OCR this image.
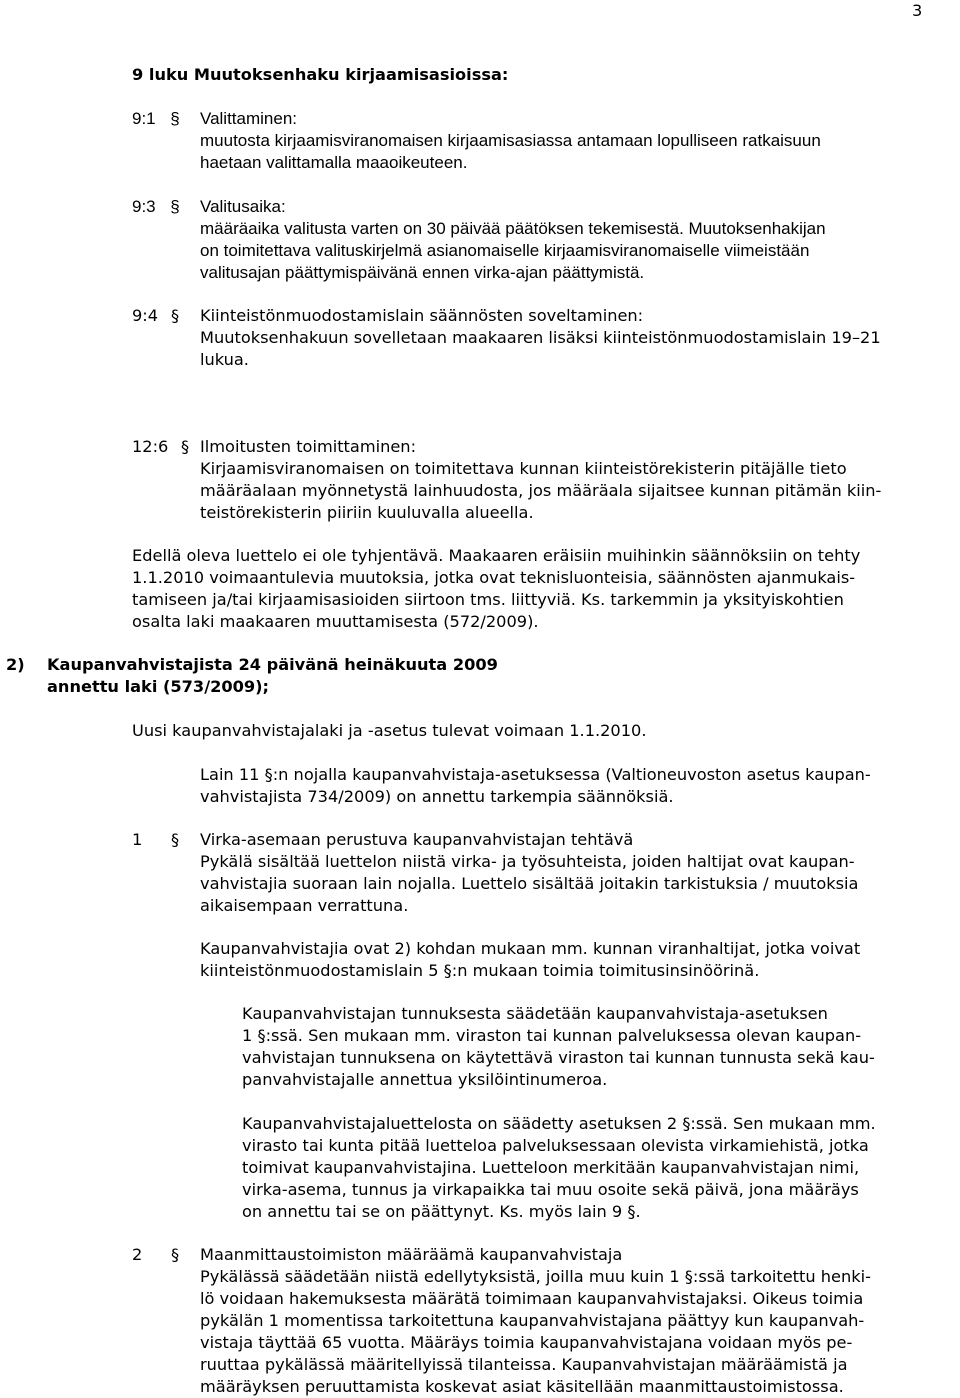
3
9 luku Muutoksenhaku kirjaamisasioissa:
9:1 § Valittaminen:
muutosta kirjaamisviranomaisen kirjaamisasiassa antamaan lopulliseen ratkaisuun
haetaan valittamalla maaoikeuteen.
9:3 § Valitusaika:
määräaika valitusta varten on 30 päivää päätöksen tekemisestä. Muutoksenhakijan
on toimitettava valituskirjelmä asianomaiselle kirjaamisviranomaiselle viimeistään
valitusajan päättymispäivänä ennen virka-ajan päättymistä.
9:4 § Kiinteistönmuodostamislain säännösten soveltaminen:
Muutoksenhakuun sovelletaan maakaaren lisäksi kiinteistönmuodostamislain 19–21
lukua.
12:6 § Ilmoitusten toimittaminen:
Kirjaamisviranomaisen on toimitettava kunnan kiinteistörekisterin pitäjälle tieto
määräalaan myönnetystä lainhuudosta, jos määräala sijaitsee kunnan pitämän kiin-
teistörekisterin piiriin kuuluvalla alueella.
Edellä oleva luettelo ei ole tyhjentävä. Maakaaren eräisiin muihinkin säännöksiin on tehty
1.1.2010 voimaantulevia muutoksia, jotka ovat teknisluonteisia, säännösten ajanmukais-
tamiseen ja/tai kirjaamisasioiden siirtoon tms. liittyviä. Ks. tarkemmin ja yksityiskohtien
osalta laki maakaaren muuttamisesta (572/2009).
2) Kaupanvahvistajista 24 päivänä heinäkuuta 2009
annettu laki (573/2009);
Uusi kaupanvahvistajalaki ja -asetus tulevat voimaan 1.1.2010.
Lain 11 §:n nojalla kaupanvahvistaja-asetuksessa (Valtioneuvoston asetus kaupan-
vahvistajista 734/2009) on annettu tarkempia säännöksiä.
1 § Virka-asemaan perustuva kaupanvahvistajan tehtävä
Pykälä sisältää luettelon niistä virka- ja työsuhteista, joiden haltijat ovat kaupan-
vahvistajia suoraan lain nojalla. Luettelo sisältää joitakin tarkistuksia / muutoksia
aikaisempaan verrattuna.
Kaupanvahvistajia ovat 2) kohdan mukaan mm. kunnan viranhaltijat, jotka voivat
kiinteistönmuodostamislain 5 §:n mukaan toimia toimitusinsinöörinä.
Kaupanvahvistajan tunnuksesta säädetään kaupanvahvistaja-asetuksen
1 §:ssä. Sen mukaan mm. viraston tai kunnan palveluksessa olevan kaupan-
vahvistajan tunnuksena on käytettävä viraston tai kunnan tunnusta sekä kau-
panvahvistajalle annettua yksilöintinumeroa.
Kaupanvahvistajaluettelosta on säädetty asetuksen 2 §:ssä. Sen mukaan mm.
virasto tai kunta pitää luetteloa palveluksessaan olevista virkamiehistä, jotka
toimivat kaupanvahvistajina. Luetteloon merkitään kaupanvahvistajan nimi,
virka-asema, tunnus ja virkapaikka tai muu osoite sekä päivä, jona määräys
on annettu tai se on päättynyt. Ks. myös lain 9 §.
2 § Maanmittaustoimiston määräämä kaupanvahvistaja
Pykälässä säädetään niistä edellytyksistä, joilla muu kuin 1 §:ssä tarkoitettu henki-
lö voidaan hakemuksesta määrätä toimimaan kaupanvahvistajaksi. Oikeus toimia
pykälän 1 momentissa tarkoitettuna kaupanvahvistajana päättyy kun kaupanvah-
vistaja täyttää 65 vuotta. Määräys toimia kaupanvahvistajana voidaan myös pe-
ruuttaa pykälässä määritellyissä tilanteissa. Kaupanvahvistajan määräämistä ja
määräyksen peruuttamista koskevat asiat käsitellään maanmittaustoimistossa.
